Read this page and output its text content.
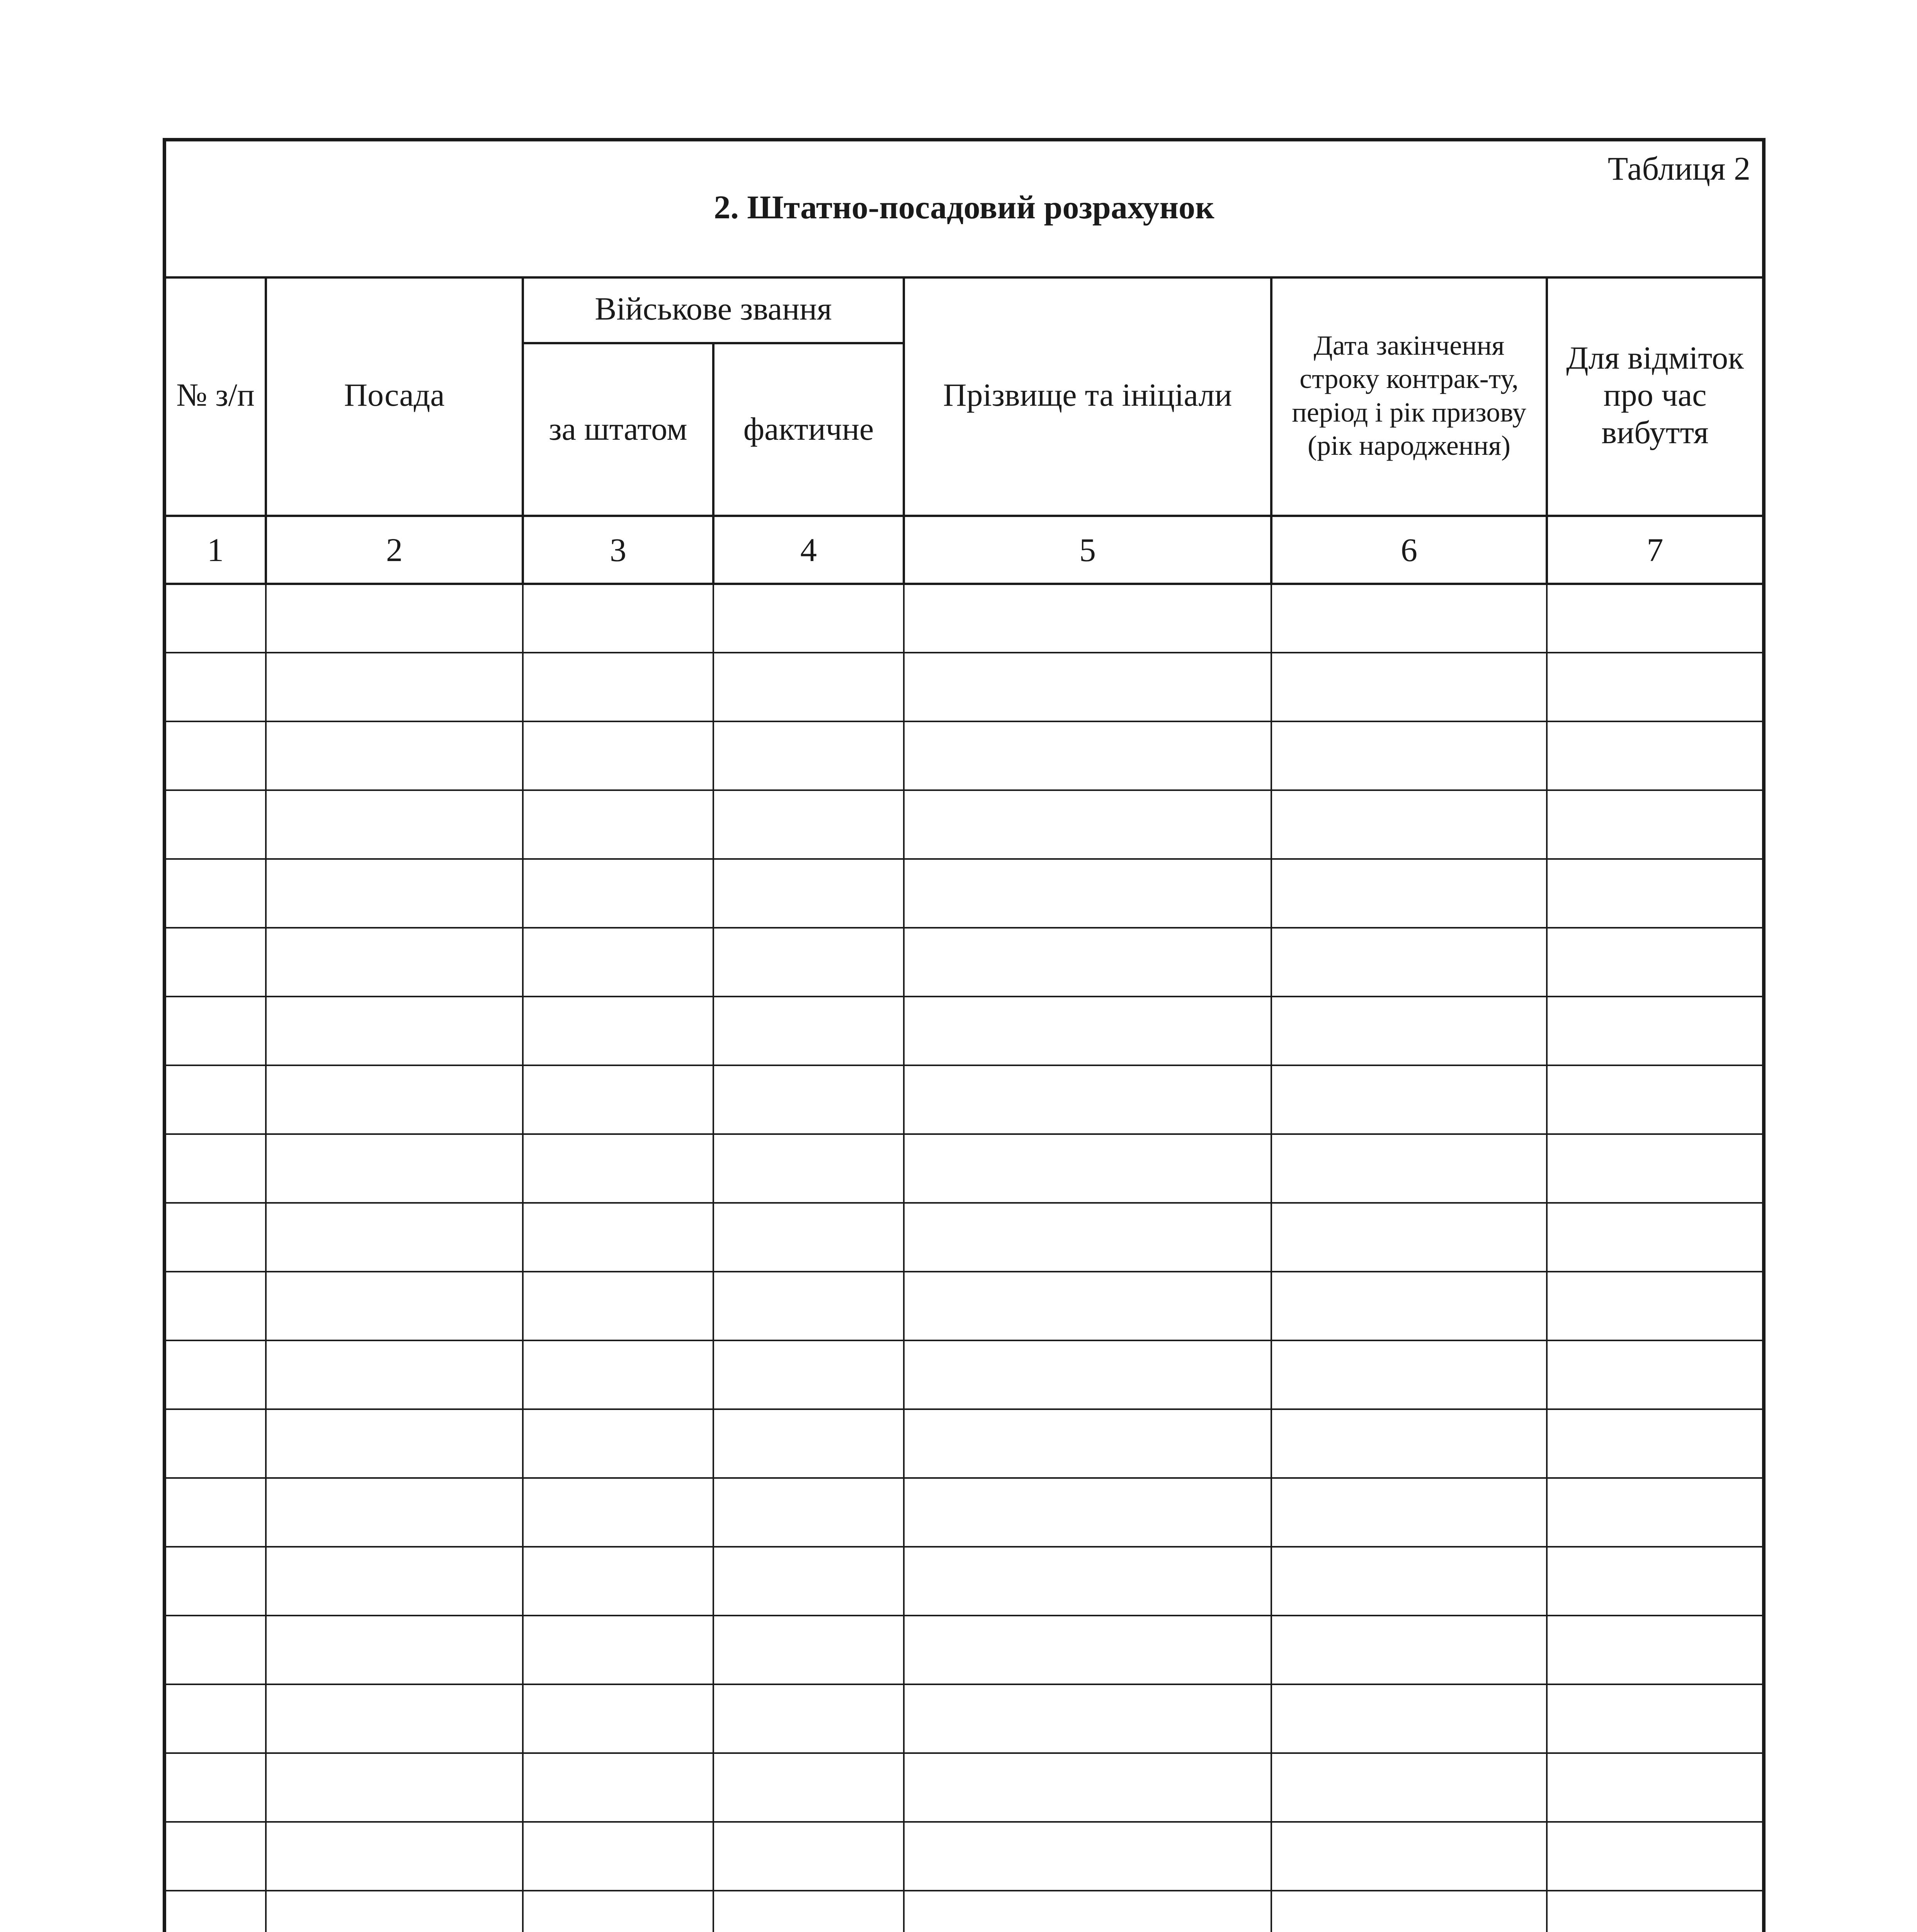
Таблиця 2
2. Штатно-посадовий розрахунок
№ з/п	Посада	Військове звання		Прізвище та ініціали	Дата закінчення строку контрак-ту, період і рік призову (рік народження)	Для відміток про час вибуття
		за штатом	фактичне			
1	2	3	4	5	6	7
